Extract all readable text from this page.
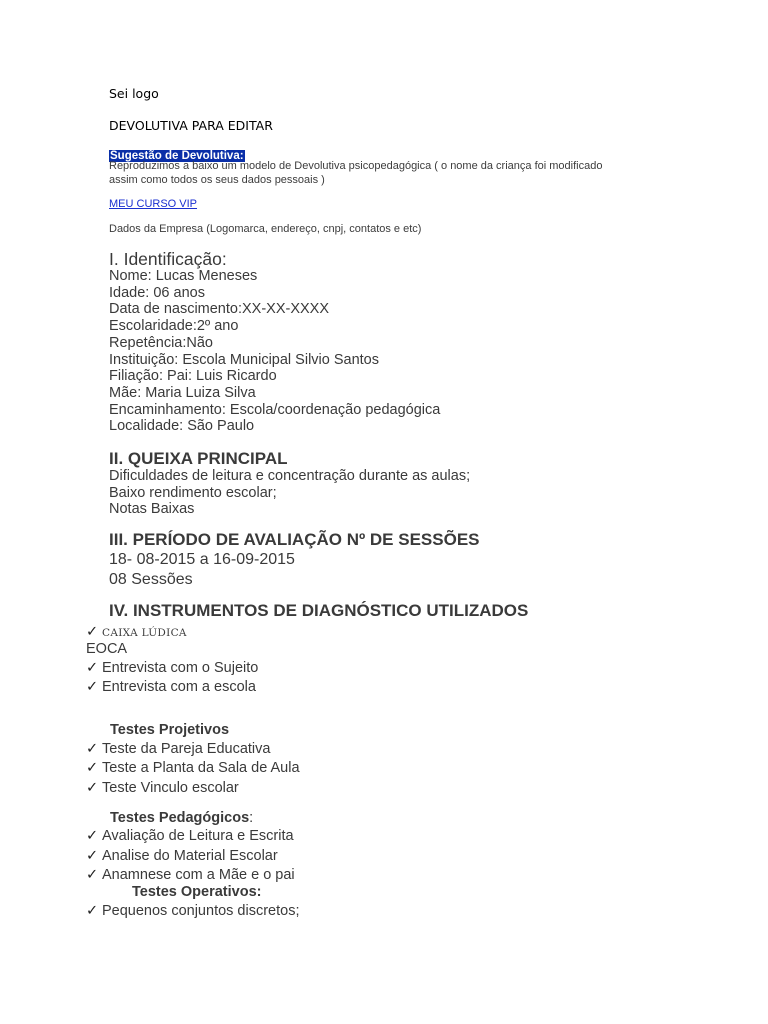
Sei logo
DEVOLUTIVA PARA EDITAR
Sugestão de Devolutiva:
Reproduzimos a baixo um modelo de Devolutiva psicopedagógica ( o nome da criança foi modificado
assim como todos os seus dados pessoais )
MEU CURSO VIP
Dados da Empresa (Logomarca, endereço, cnpj, contatos e etc)
I. Identificação:
Nome: Lucas Meneses
Idade: 06 anos
Data de nascimento:XX-XX-XXXX
Escolaridade:2º ano
Repetência:Não
Instituição: Escola Municipal Silvio Santos
Filiação: Pai: Luis Ricardo
Mãe: Maria Luiza Silva
Encaminhamento: Escola/coordenação pedagógica
Localidade: São Paulo
II. QUEIXA PRINCIPAL
Dificuldades de leitura e concentração durante as aulas;
Baixo rendimento escolar;
Notas Baixas
III. PERÍODO DE AVALIAÇÃO Nº DE SESSÕES
18- 08-2015 a 16-09-2015
08 Sessões
IV. INSTRUMENTOS DE DIAGNÓSTICO UTILIZADOS
✓ CAIXA LÚDICA
EOCA
✓ Entrevista com o Sujeito
✓ Entrevista com a escola
Testes Projetivos
✓ Teste da Pareja Educativa
✓ Teste a Planta da Sala de Aula
✓ Teste Vinculo escolar
Testes Pedagógicos:
✓ Avaliação de Leitura e Escrita
✓ Analise do Material Escolar
✓ Anamnese com a Mãe e o pai
Testes Operativos:
✓ Pequenos conjuntos discretos;
